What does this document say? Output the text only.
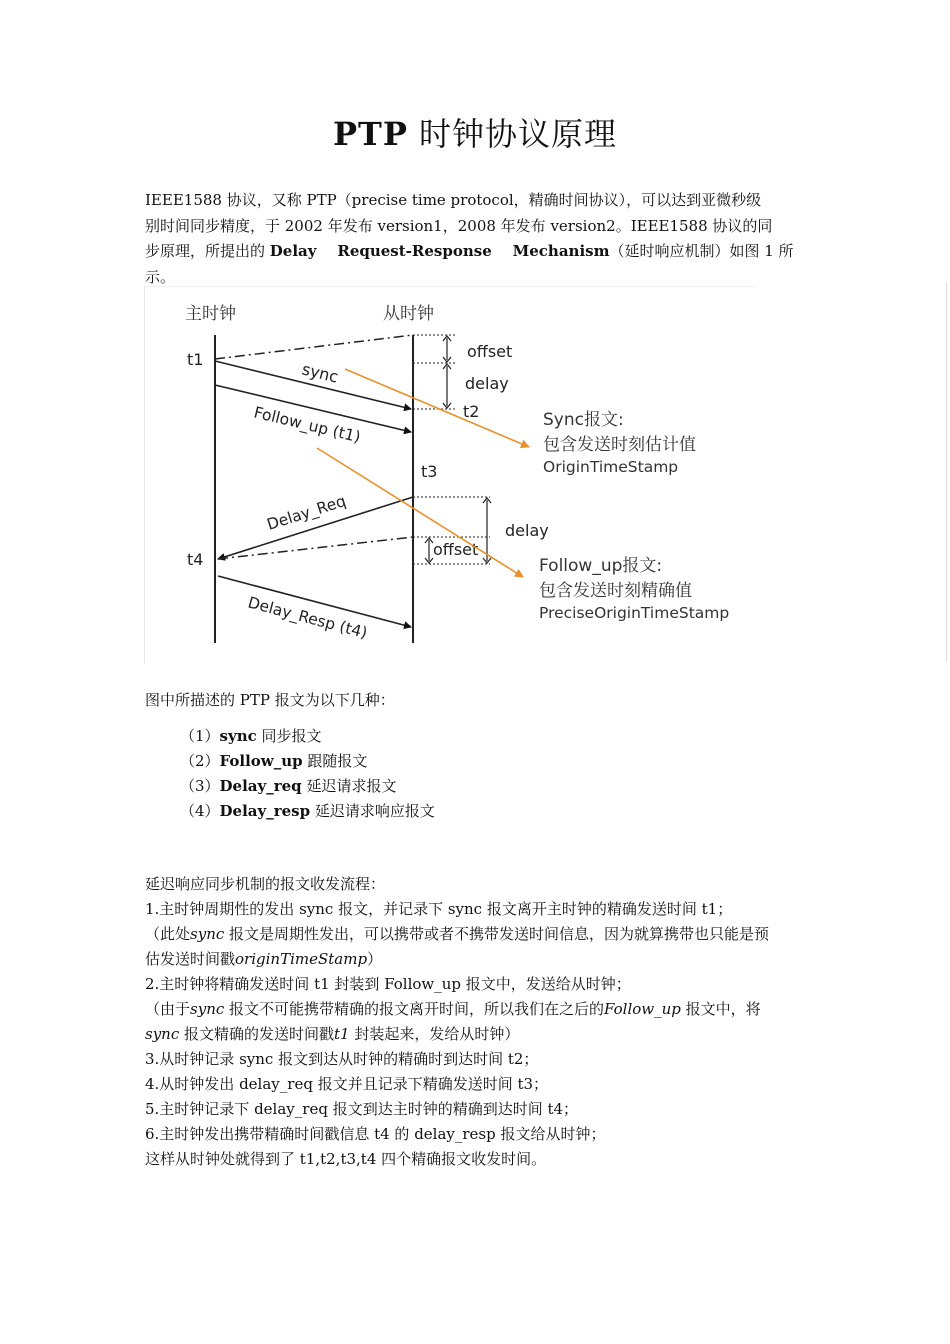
PTP 时钟协议原理
IEEE1588 协议，又称 PTP（precise time protocol，精确时间协议），可以达到亚微秒级
别时间同步精度，于 2002 年发布 version1，2008 年发布 version2。IEEE1588 协议的同
步原理，所提出的 Delay    Request-Response    Mechanism（延时响应机制）如图 1 所示。
主时钟	从时钟
offset
delay
t1
t2
t3
t4
sync
Follow_up (t1)
Delay_Req	delay
offset
Delay_Resp (t4)
Sync报文:
包含发送时刻估计值
OriginTimeStamp
Follow_up报文:
包含发送时刻精确值
PreciseOriginTimeStamp
图中所描述的 PTP 报文为以下几种：
（1）sync 同步报文
（2）Follow_up 跟随报文
（3）Delay_req 延迟请求报文
（4）Delay_resp 延迟请求响应报文
延迟响应同步机制的报文收发流程：
1.主时钟周期性的发出 sync 报文，并记录下 sync 报文离开主时钟的精确发送时间 t1；
（此处sync 报文是周期性发出，可以携带或者不携带发送时间信息，因为就算携带也只能是预
估发送时间戳originTimeStamp）
2.主时钟将精确发送时间 t1 封装到 Follow_up 报文中，发送给从时钟；
（由于sync 报文不可能携带精确的报文离开时间，所以我们在之后的Follow_up 报文中，将
sync 报文精确的发送时间戳t1 封装起来，发给从时钟）
3.从时钟记录 sync 报文到达从时钟的精确时到达时间 t2；
4.从时钟发出 delay_req 报文并且记录下精确发送时间 t3；
5.主时钟记录下 delay_req 报文到达主时钟的精确到达时间 t4；
6.主时钟发出携带精确时间戳信息 t4 的 delay_resp 报文给从时钟；
这样从时钟处就得到了 t1,t2,t3,t4 四个精确报文收发时间。
